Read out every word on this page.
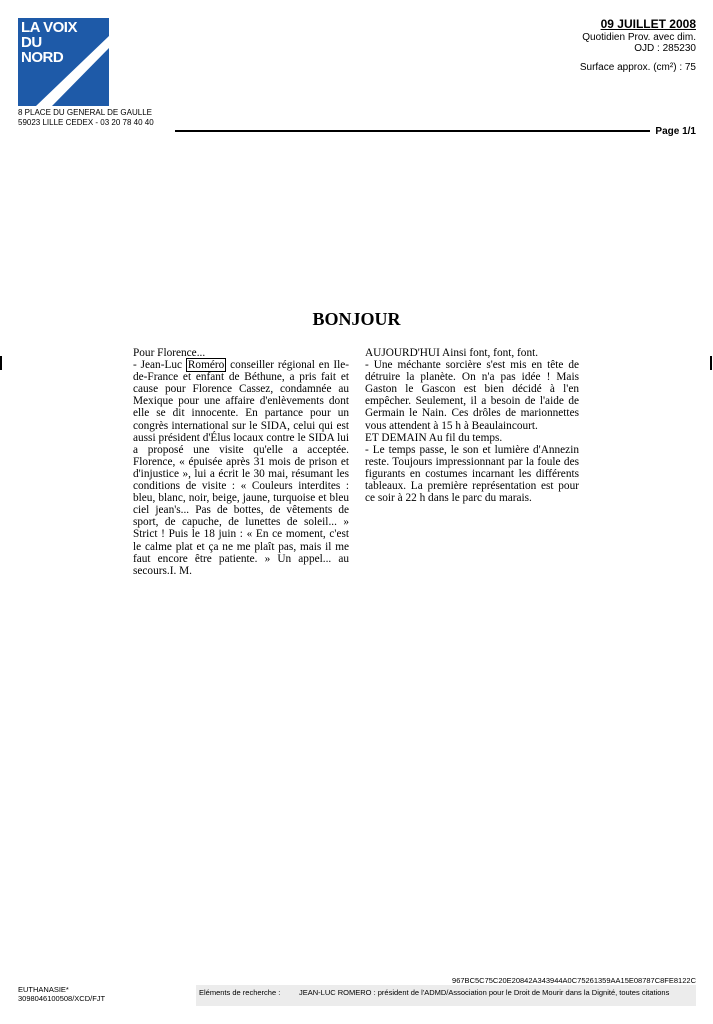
LA VOIX
DU
NORD
8 PLACE DU GENERAL DE GAULLE
59023 LILLE CEDEX - 03 20 78 40 40
09 JUILLET 2008
Quotidien Prov. avec dim.
OJD : 285230
Surface approx. (cm²) : 75
Page 1/1
BONJOUR

Pour Florence...

- Jean-Luc Roméro conseiller régional en Ile-de-France et enfant de Béthune, a pris fait et cause pour Florence Cassez, condamnée au Mexique pour une affaire d'enlèvements dont elle se dit innocente. En partance pour un congrès international sur le SIDA, celui qui est aussi président d'Élus locaux contre le SIDA lui a proposé une visite qu'elle a acceptée. Florence, « épuisée après 31 mois de prison et d'injustice », lui a écrit le 30 mai, résumant les conditions de visite : « Couleurs interdites : bleu, blanc, noir, beige, jaune, turquoise et bleu ciel jean's... Pas de bottes, de vêtements de sport, de capuche, de lunettes de soleil... » Strict ! Puis le 18 juin : « En ce moment, c'est le calme plat et ça ne me plaît pas, mais il me faut encore être patiente. » Un appel... au secours.I. M.

AUJOURD'HUI Ainsi font, font, font.

- Une méchante sorcière s'est mis en tête de détruire la planète. On n'a pas idée ! Mais Gaston le Gascon est bien décidé à l'en empêcher. Seulement, il a besoin de l'aide de Germain le Nain. Ces drôles de marionnettes vous attendent à 15 h à Beaulaincourt.

ET DEMAIN Au fil du temps.

- Le temps passe, le son et lumière d'Annezin reste. Toujours impressionnant par la foule des figurants en costumes incarnant les différents tableaux. La première représentation est pour ce soir à 22 h dans le parc du marais.

967BC5C75C20E20842A343944A0C75261359AA15E08787C8FE8122C
EUTHANASIE*
3098046100508/XCD/FJT
Eléments de recherche : JEAN-LUC ROMERO : président de l'ADMD/Association pour le Droit de Mourir dans la Dignité, toutes citations
